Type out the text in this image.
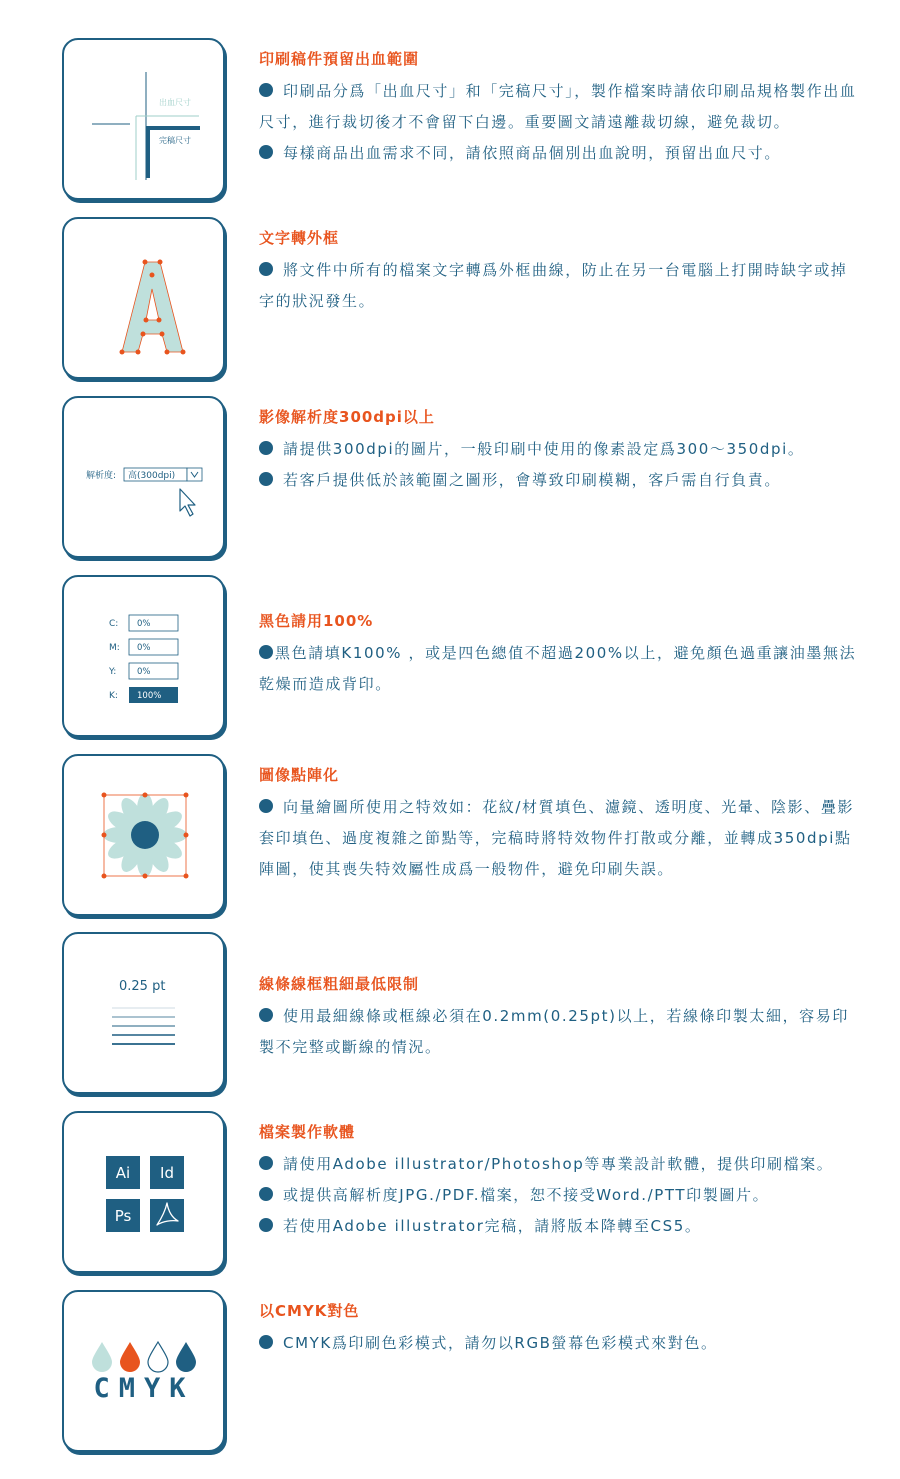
出血尺寸
完稿尺寸
印刷稿件預留出血範圍
印刷品分爲「出血尺寸」和「完稿尺寸」，製作檔案時請依印刷品規格製作出血尺寸，進行裁切後才不會留下白邊。重要圖文請遠離裁切線，避免裁切。
每樣商品出血需求不同，請依照商品個別出血說明，預留出血尺寸。
文字轉外框
將文件中所有的檔案文字轉爲外框曲線，防止在另一台電腦上打開時缺字或掉字的狀況發生。
解析度: 高(300dpi)
影像解析度300dpi以上
請提供300dpi的圖片，一般印刷中使用的像素設定爲300～350dpi。
若客戶提供低於該範圍之圖形，會導致印刷模糊，客戶需自行負責。
C:
M:
Y:
K:
0%
0%
0%
100%
黑色請用100%
黑色請填K100% ，或是四色總值不超過200%以上，避免顏色過重讓油墨無法乾燥而造成背印。
圖像點陣化
向量繪圖所使用之特效如：花紋/材質填色、濾鏡、透明度、光暈、陰影、疊影套印填色、過度複雜之節點等，完稿時將特效物件打散或分離，並轉成350dpi點陣圖，使其喪失特效屬性成爲一般物件，避免印刷失誤。
0.25 pt	線條線框粗細最低限制
使用最細線條或框線必須在0.2mm(0.25pt)以上，若線條印製太細，容易印製不完整或斷線的情況。
Ai Id
Ps
檔案製作軟體
請使用Adobe illustrator/Photoshop等專業設計軟體，提供印刷檔案。
或提供高解析度JPG./PDF.檔案，恕不接受Word./PTT印製圖片。
若使用Adobe illustrator完稿，請將版本降轉至CS5。
CMYK
以CMYK對色
CMYK爲印刷色彩模式，請勿以RGB螢幕色彩模式來對色。
